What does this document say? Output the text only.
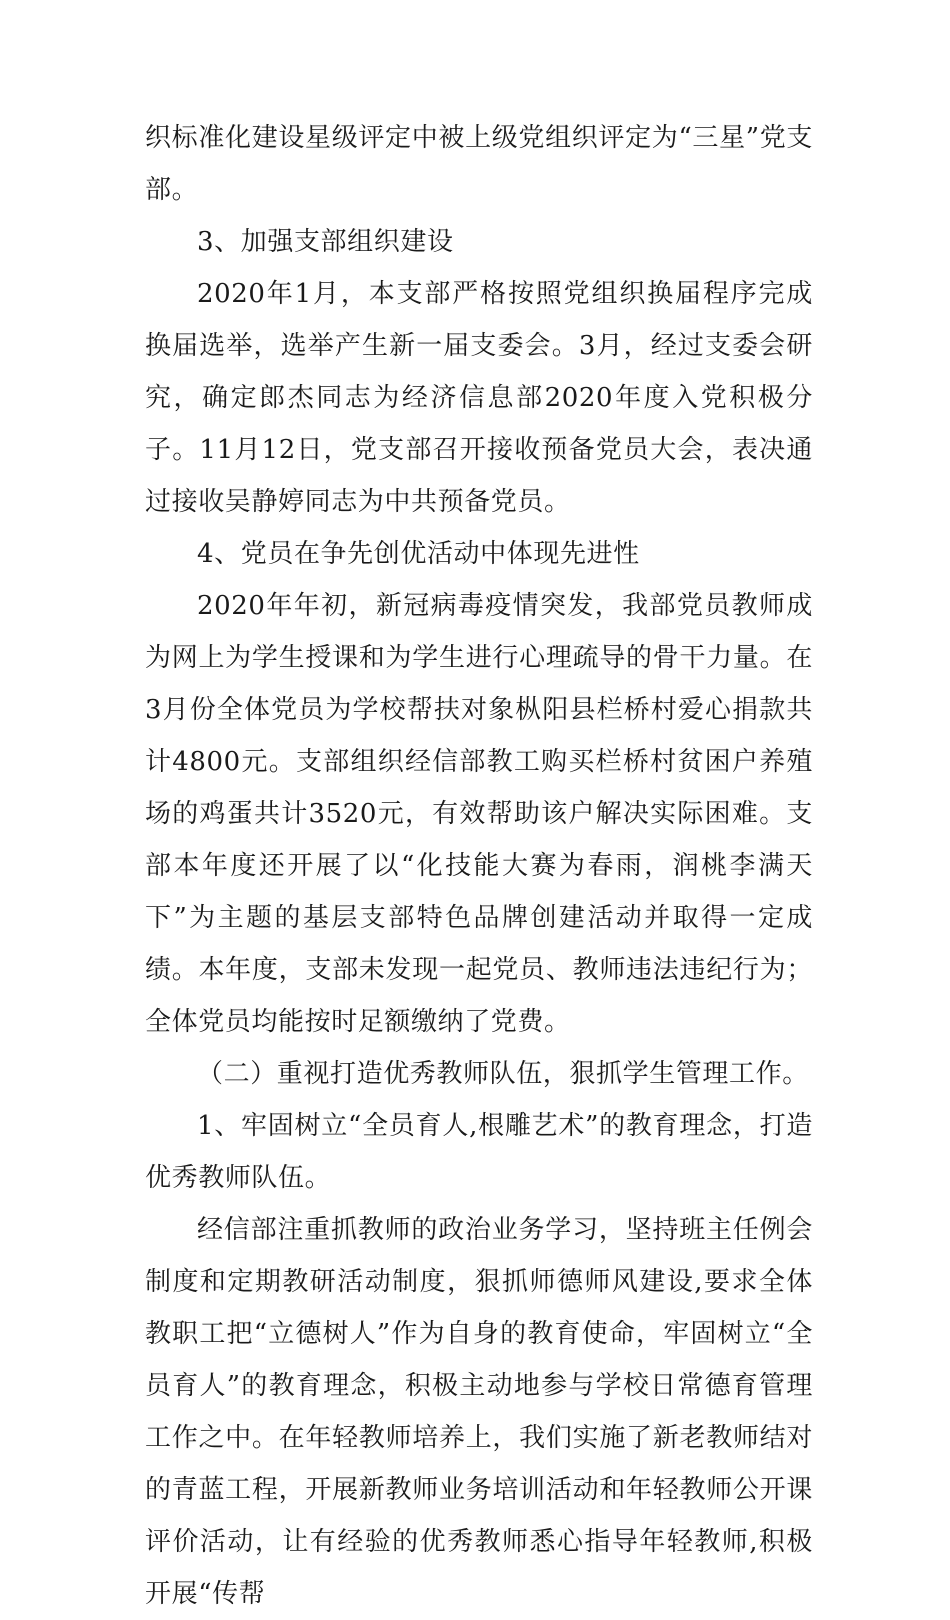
织标准化建设星级评定中被上级党组织评定为“三星”党支部。

3、加强支部组织建设

2020年1月，本支部严格按照党组织换届程序完成换届选举，选举产生新一届支委会。3月，经过支委会研究，确定郎杰同志为经济信息部2020年度入党积极分子。11月12日，党支部召开接收预备党员大会，表决通过接收吴静婷同志为中共预备党员。

4、党员在争先创优活动中体现先进性

2020年年初，新冠病毒疫情突发，我部党员教师成为网上为学生授课和为学生进行心理疏导的骨干力量。在3月份全体党员为学校帮扶对象枞阳县栏桥村爱心捐款共计4800元。支部组织经信部教工购买栏桥村贫困户养殖场的鸡蛋共计3520元，有效帮助该户解决实际困难。支部本年度还开展了以“化技能大赛为春雨，润桃李满天下”为主题的基层支部特色品牌创建活动并取得一定成绩。本年度，支部未发现一起党员、教师违法违纪行为；全体党员均能按时足额缴纳了党费。

（二）重视打造优秀教师队伍，狠抓学生管理工作。

1、牢固树立“全员育人,根雕艺术”的教育理念，打造优秀教师队伍。

经信部注重抓教师的政治业务学习，坚持班主任例会制度和定期教研活动制度，狠抓师德师风建设,要求全体教职工把“立德树人”作为自身的教育使命，牢固树立“全员育人”的教育理念，积极主动地参与学校日常德育管理工作之中。在年轻教师培养上，我们实施了新老教师结对的青蓝工程，开展新教师业务培训活动和年轻教师公开课评价活动，让有经验的优秀教师悉心指导年轻教师,积极开展“传帮
